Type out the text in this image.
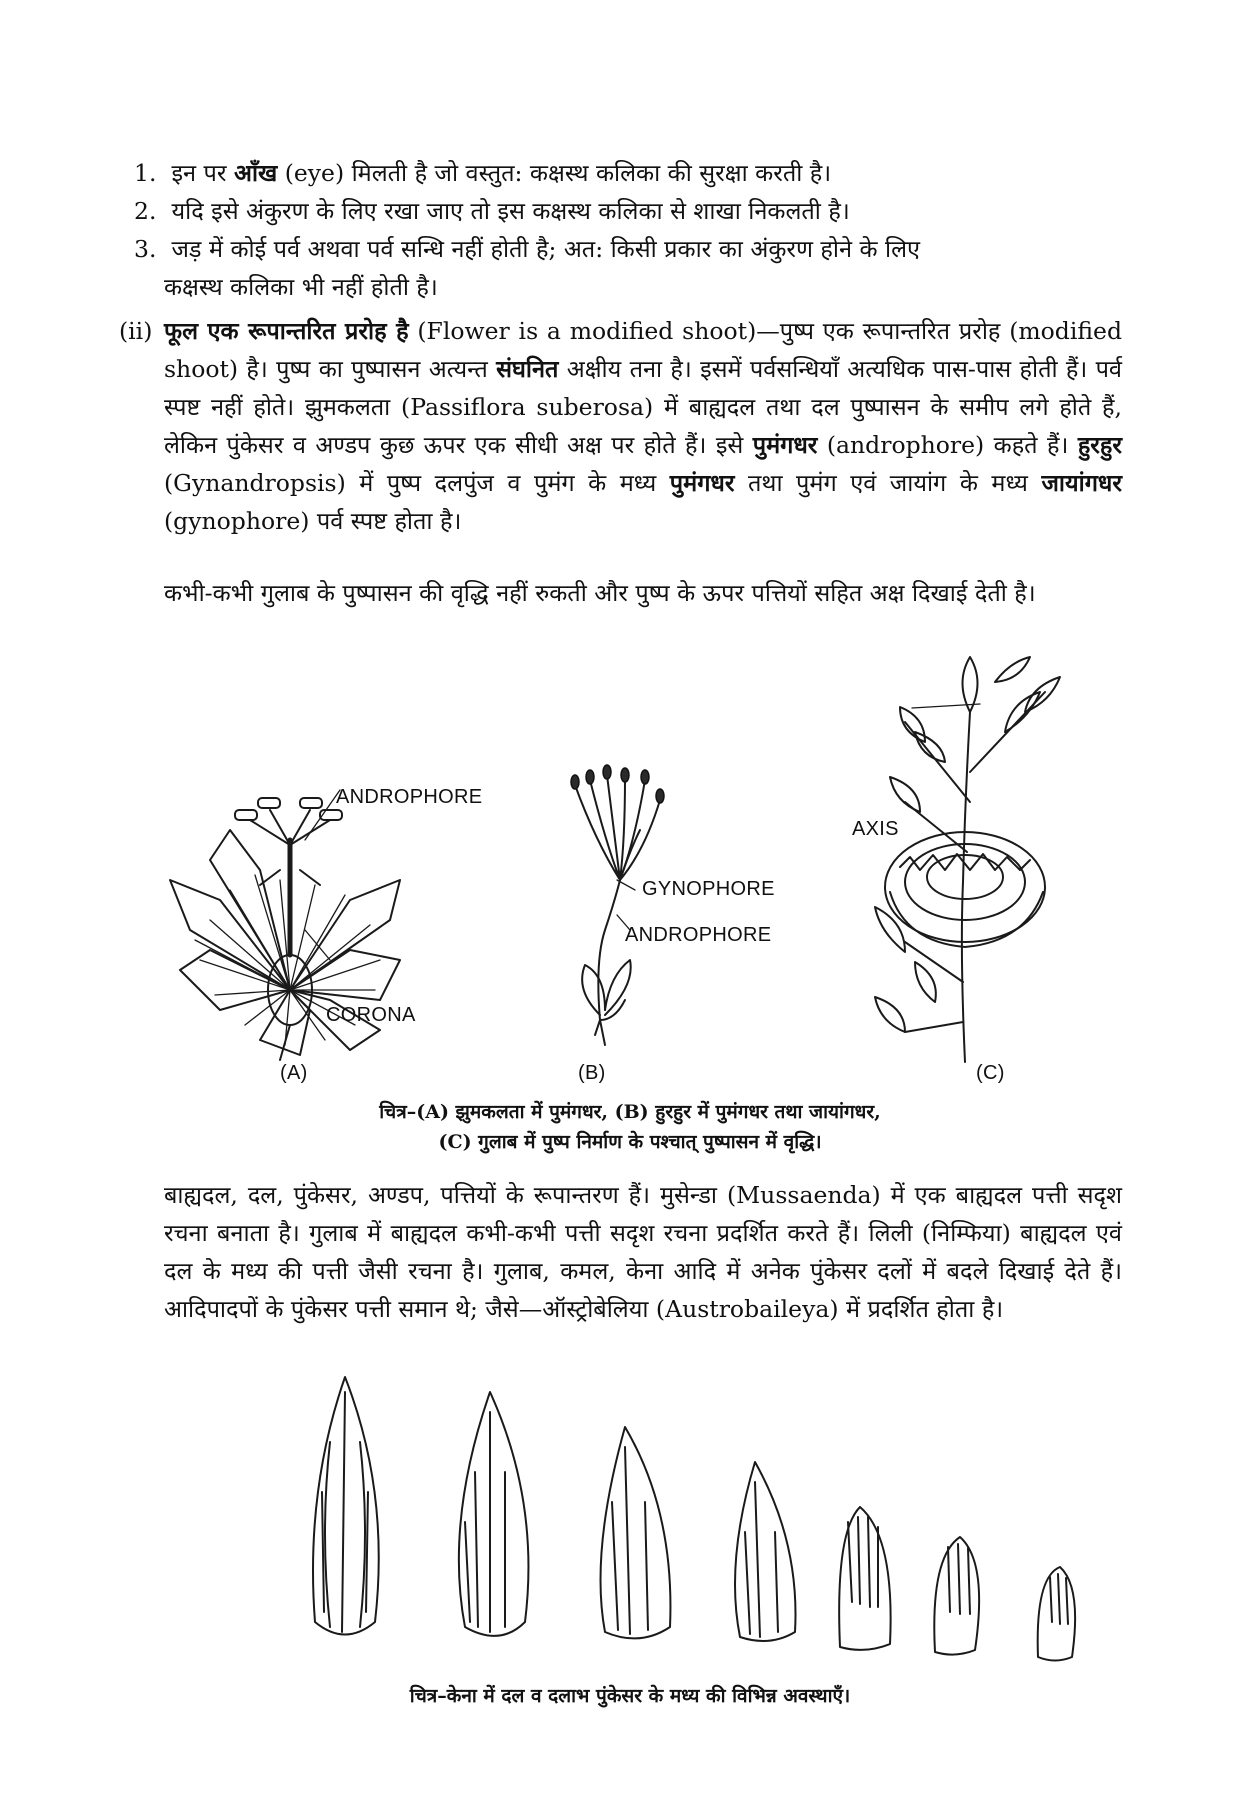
1. इन पर आँख (eye) मिलती है जो वस्तुत: कक्षस्थ कलिका की सुरक्षा करती है।
2. यदि इसे अंकुरण के लिए रखा जाए तो इस कक्षस्थ कलिका से शाखा निकलती है।
3. जड़ में कोई पर्व अथवा पर्व सन्धि नहीं होती है; अत: किसी प्रकार का अंकुरण होने के लिए
कक्षस्थ कलिका भी नहीं होती है।
(ii) फूल एक रूपान्तरित प्ररोह है (Flower is a modified shoot)—पुष्प एक रूपान्तरित प्ररोह (modified shoot) है। पुष्प का पुष्पासन अत्यन्त संघनित अक्षीय तना है। इसमें पर्वसन्धियाँ अत्यधिक पास-पास होती हैं। पर्व स्पष्ट नहीं होते। झुमकलता (Passiflora suberosa) में बाह्यदल तथा दल पुष्पासन के समीप लगे होते हैं, लेकिन पुंकेसर व अण्डप कुछ ऊपर एक सीधी अक्ष पर होते हैं। इसे पुमंगधर (androphore) कहते हैं। हुरहुर (Gynandropsis) में पुष्प दलपुंज व पुमंग के मध्य पुमंगधर तथा पुमंग एवं जायांग के मध्य जायांगधर (gynophore) पर्व स्पष्ट होता है।
कभी-कभी गुलाब के पुष्पासन की वृद्धि नहीं रुकती और पुष्प के ऊपर पत्तियों सहित अक्ष दिखाई देती है।
ANDROPHORE
CORONA
(A)
GYNOPHORE
ANDROPHORE
(B)
AXIS
(C)
चित्र–(A) झुमकलता में पुमंगधर, (B) हुरहुर में पुमंगधर तथा जायांगधर,
(C) गुलाब में पुष्प निर्माण के पश्चात् पुष्पासन में वृद्धि।
बाह्यदल, दल, पुंकेसर, अण्डप, पत्तियों के रूपान्तरण हैं। मुसेन्डा (Mussaenda) में एक बाह्यदल पत्ती सदृश रचना बनाता है। गुलाब में बाह्यदल कभी-कभी पत्ती सदृश रचना प्रदर्शित करते हैं। लिली (निम्फिया) बाह्यदल एवं दल के मध्य की पत्ती जैसी रचना है। गुलाब, कमल, केना आदि में अनेक पुंकेसर दलों में बदले दिखाई देते हैं। आदिपादपों के पुंकेसर पत्ती समान थे; जैसे—ऑस्ट्रोबेलिया (Austrobaileya) में प्रदर्शित होता है।
चित्र–केना में दल व दलाभ पुंकेसर के मध्य की विभिन्न अवस्थाएँ।
